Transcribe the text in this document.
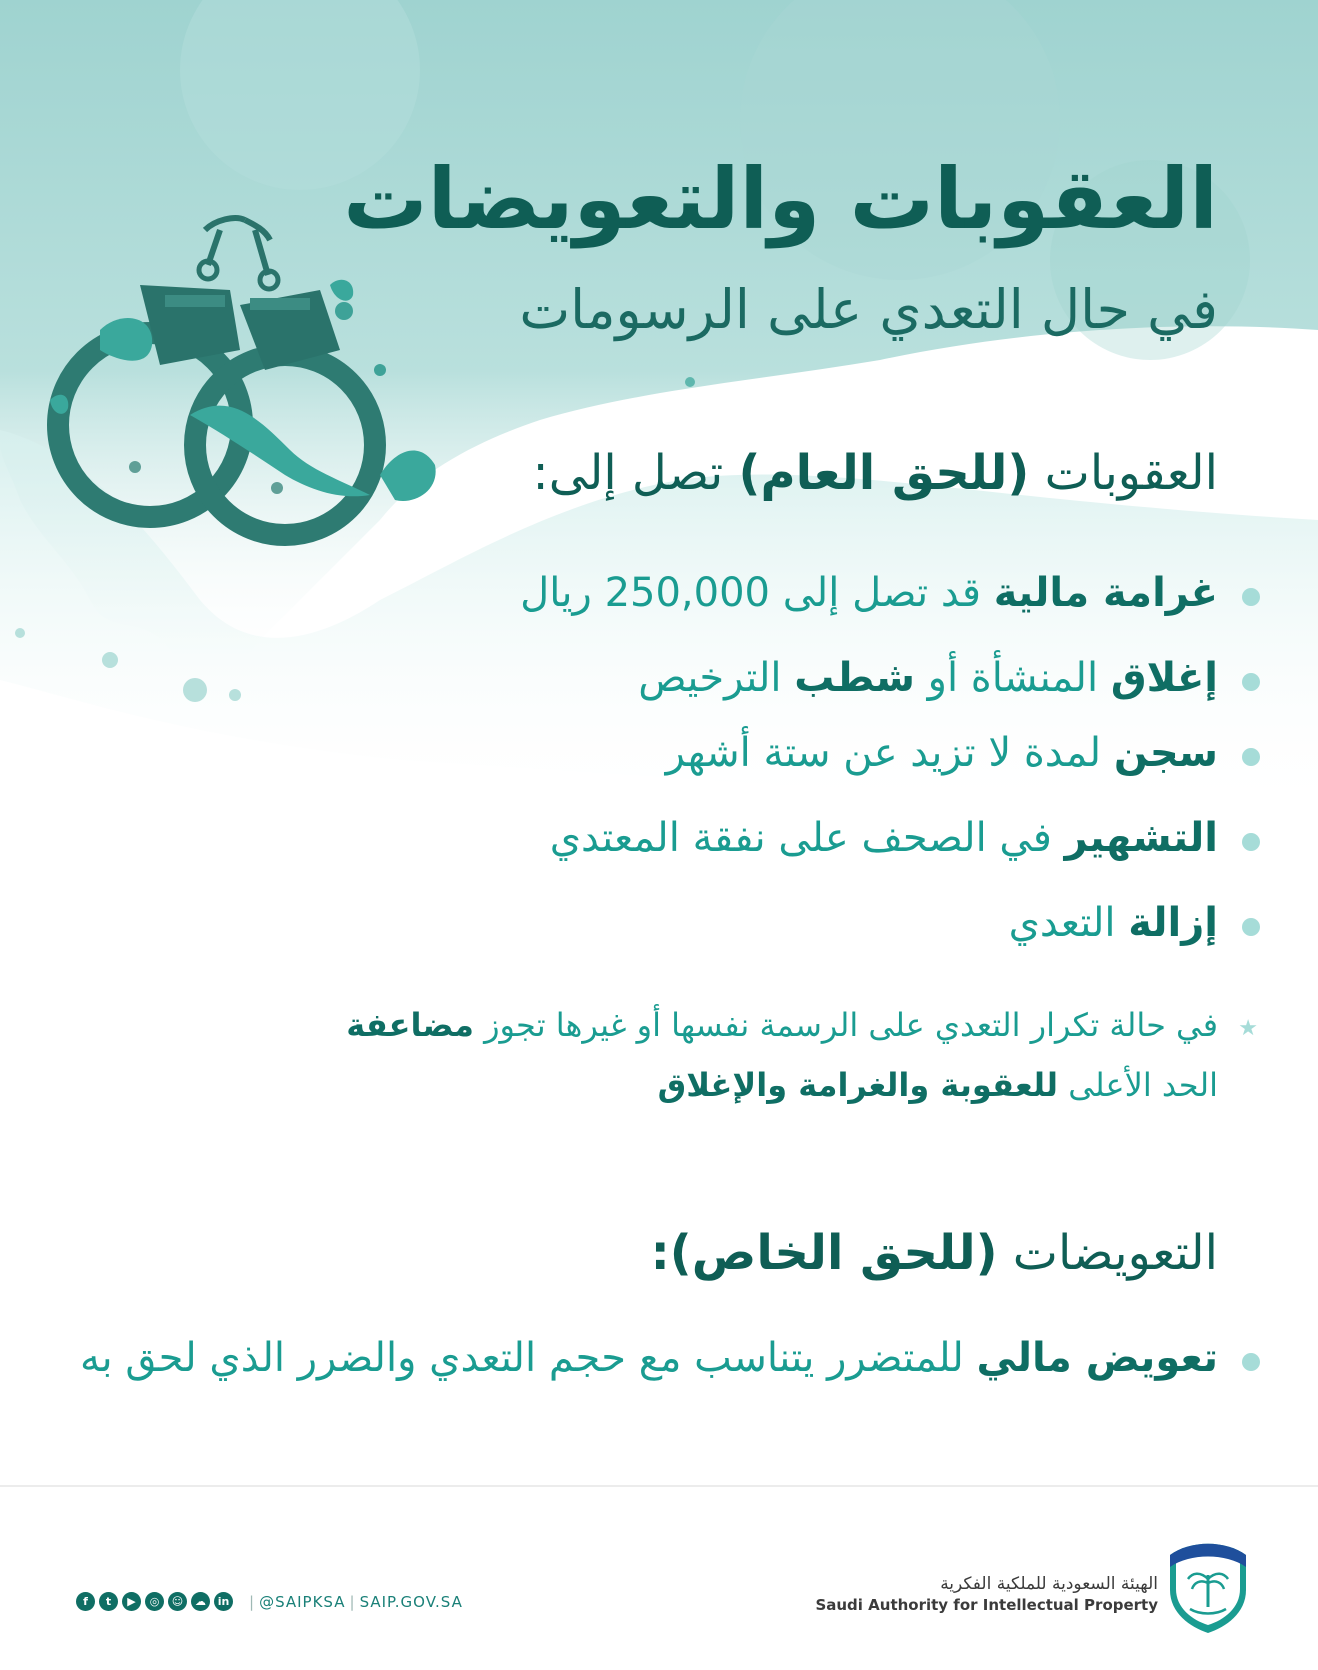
العقوبات والتعويضات
في حال التعدي على الرسومات
العقوبات (للحق العام) تصل إلى:
غرامة مالية قد تصل إلى 250,000 ريال
إغلاق المنشأة أو شطب الترخيص
سجن لمدة لا تزيد عن ستة أشهر
التشهير في الصحف على نفقة المعتدي
إزالة التعدي
★
في حالة تكرار التعدي على الرسمة نفسها أو غيرها تجوز مضاعفة
الحد الأعلى للعقوبة والغرامة والإغلاق
التعويضات (للحق الخاص):
تعويض مالي للمتضرر يتناسب مع حجم التعدي والضرر الذي لحق به
f	t	▶	◎	☺	☁	in | @SAIPKSA | SAIP.GOV.SA
الهيئة السعودية للملكية الفكرية
Saudi Authority for Intellectual Property
